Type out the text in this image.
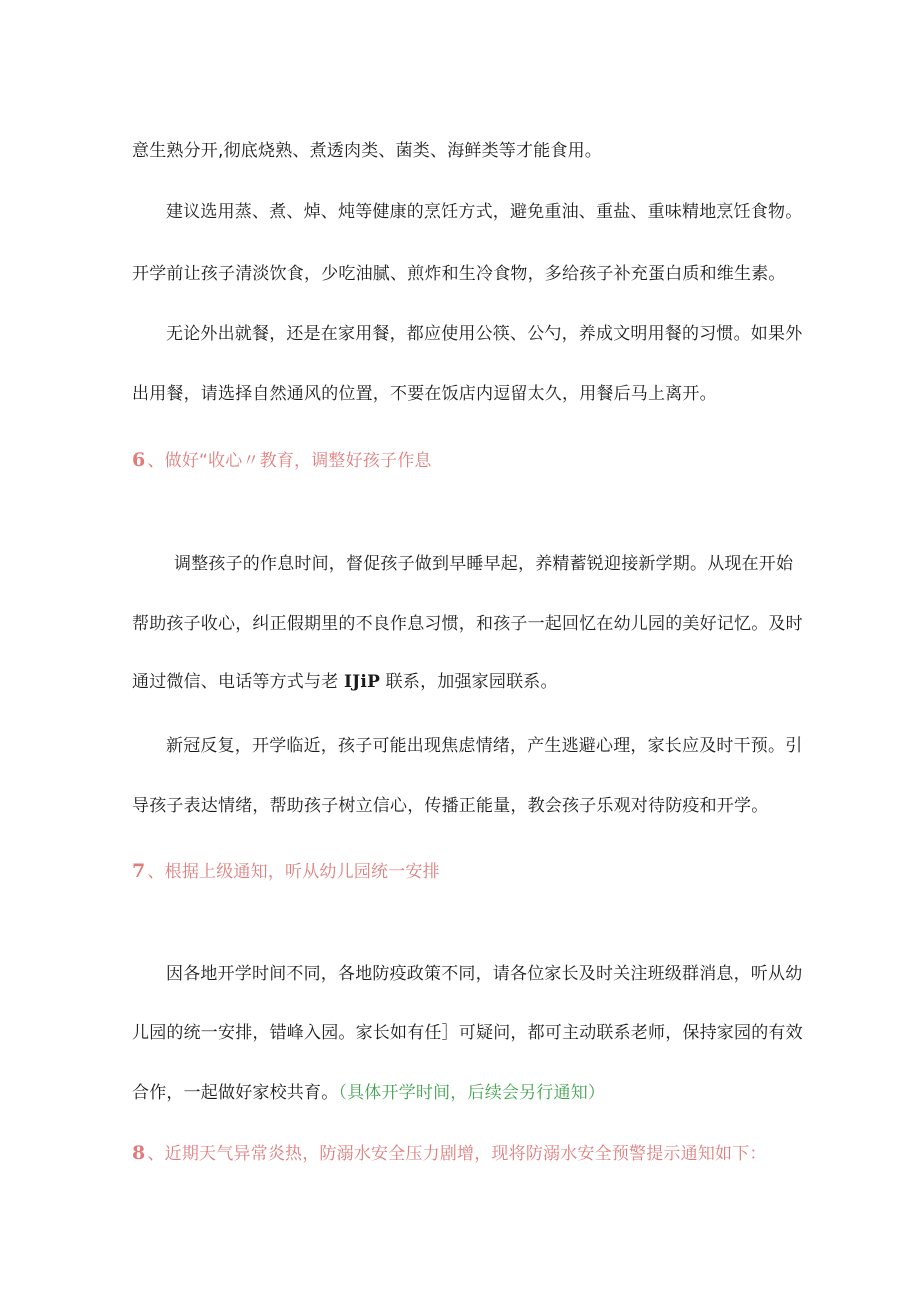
意生熟分开,彻底烧熟、煮透肉类、菌类、海鲜类等才能食用。
建议选用蒸、煮、焯、炖等健康的烹饪方式，避免重油、重盐、重味精地烹饪食物。
开学前让孩子清淡饮食，少吃油腻、煎炸和生冷食物，多给孩子补充蛋白质和维生素。
无论外出就餐，还是在家用餐，都应使用公筷、公勺，养成文明用餐的习惯。如果外
出用餐，请选择自然通风的位置，不要在饭店内逗留太久，用餐后马上离开。
6 、做好“收心〃教育，调整好孩子作息
调整孩子的作息时间，督促孩子做到早睡早起，养精蓄锐迎接新学期。从现在开始
帮助孩子收心，纠正假期里的不良作息习惯，和孩子一起回忆在幼儿园的美好记忆。及时
通过微信、电话等方式与老 IJiP 联系，加强家园联系。
新冠反复，开学临近，孩子可能出现焦虑情绪，产生逃避心理，家长应及时干预。引
导孩子表达情绪，帮助孩子树立信心，传播正能量，教会孩子乐观对待防疫和开学。
7 、根据上级通知，听从幼儿园统一安排
因各地开学时间不同，各地防疫政策不同，请各位家长及时关注班级群消息，听从幼
儿园的统一安排，错峰入园。家长如有任］可疑问，都可主动联系老师，保持家园的有效
合作，一起做好家校共育。（具体开学时间，后续会另行通知）
8 、近期天气异常炎热，防溺水安全压力剧增，现将防溺水安全预警提示通知如下：
